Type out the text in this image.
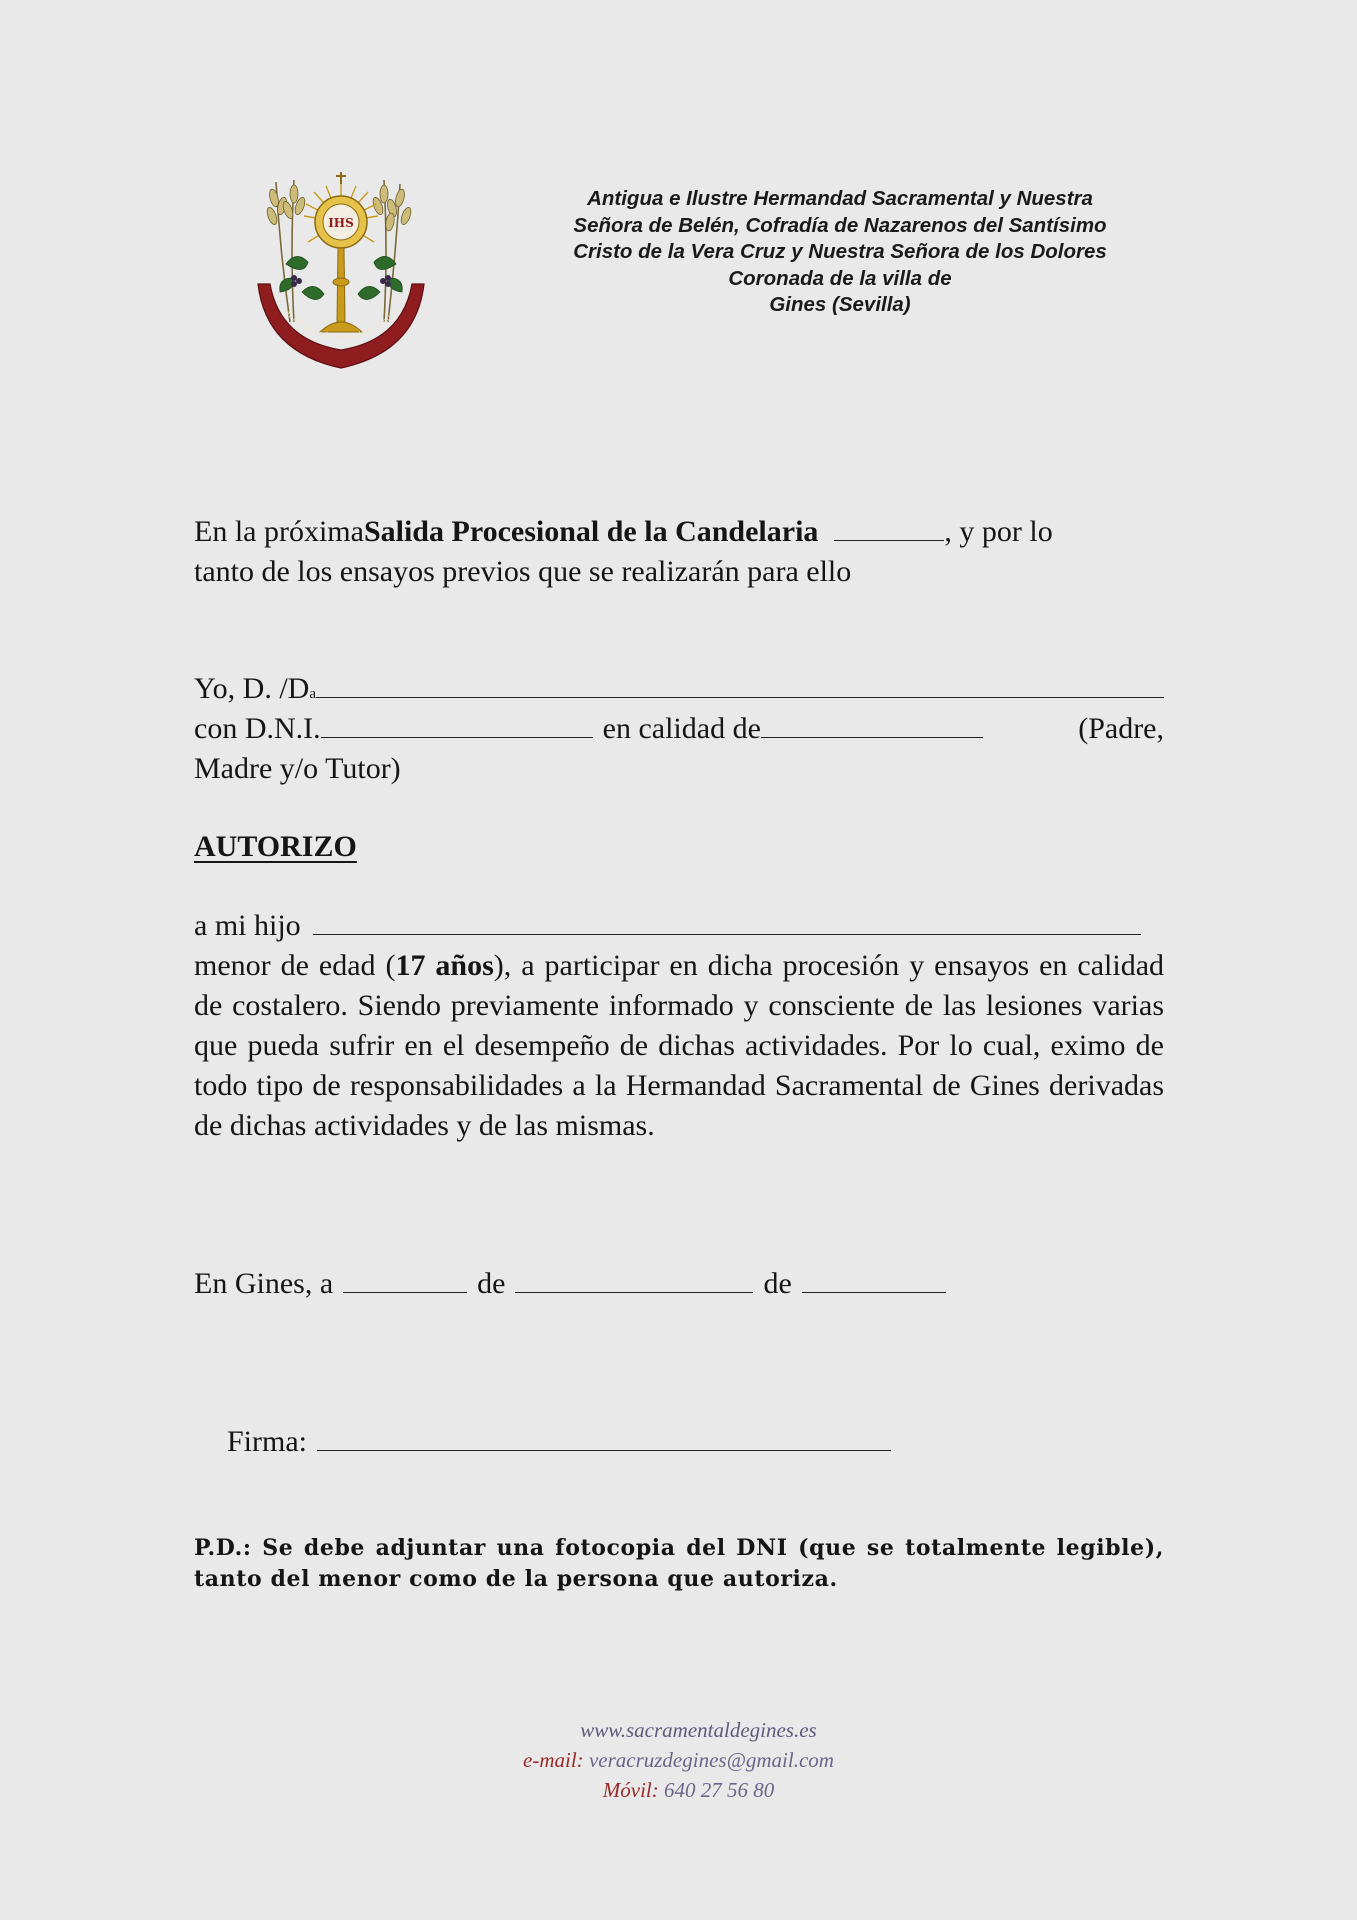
IHS
Mi carne es la verdadera comida
Antigua e Ilustre Hermandad Sacramental y Nuestra
Señora de Belén, Cofradía de Nazarenos del Santísimo
Cristo de la Vera Cruz y Nuestra Señora de los Dolores
Coronada de la villa de
Gines (Sevilla)
En la próxima Salida Procesional de la Candelaria	, y por lo
tanto de los ensayos previos que se realizarán para ello
Yo, D. /D a
con D.N.I.	en calidad de	(Padre,
Madre y/o Tutor)
AUTORIZO
a mi hijo
menor de edad (17 años), a participar en dicha procesión y ensayos en calidad de costalero. Siendo previamente informado y consciente de las lesiones varias que pueda sufrir en el desempeño de dichas actividades. Por lo cual, eximo de todo tipo de responsabilidades a la Hermandad Sacramental de Gines derivadas de dichas actividades y de las mismas.
En Gines, a	de	de
Firma:
P.D.: Se debe adjuntar una fotocopia del DNI (que se totalmente legible), tanto del menor como de la persona que autoriza.
www.sacramentaldegines.es
e-mail: veracruzdegines@gmail.com
Móvil: 640 27 56 80
